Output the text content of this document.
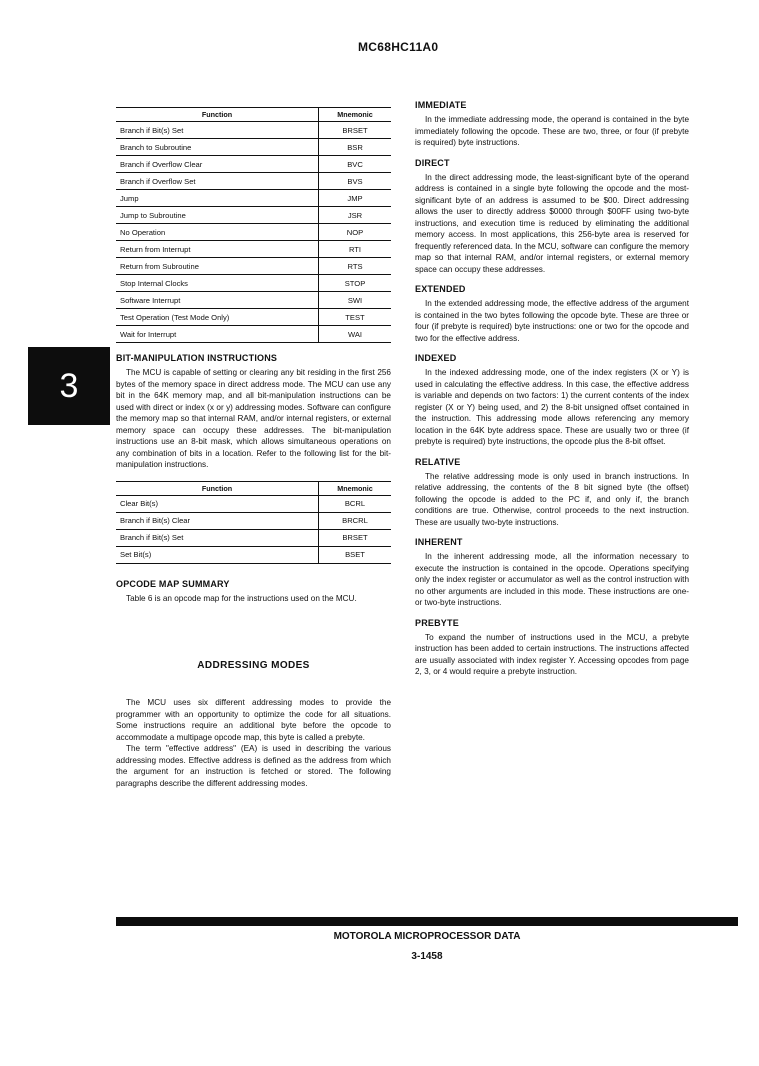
MC68HC11A0
3
Function	Mnemonic
Branch if Bit(s) Set	BRSET
Branch to Subroutine	BSR
Branch if Overflow Clear	BVC
Branch if Overflow Set	BVS
Jump	JMP
Jump to Subroutine	JSR
No Operation	NOP
Return from Interrupt	RTI
Return from Subroutine	RTS
Stop Internal Clocks	STOP
Software Interrupt	SWI
Test Operation (Test Mode Only)	TEST
Wait for Interrupt	WAI
BIT-MANIPULATION INSTRUCTIONS

The MCU is capable of setting or clearing any bit residing in the first 256 bytes of the memory space in direct address mode. The MCU can use any bit in the 64K memory map, and all bit-manipulation instructions can be used with direct or index (x or y) addressing modes. Software can configure the memory map so that internal RAM, and/or internal registers, or external memory space can occupy these addresses. The bit-manipulation instructions use an 8-bit mask, which allows simultaneous operations on any combination of bits in a location. Refer to the following list for the bit-manipulation instructions.

Function	Mnemonic
Clear Bit(s)	BCRL
Branch if Bit(s) Clear	BRCRL
Branch if Bit(s) Set	BRSET
Set Bit(s)	BSET
OPCODE MAP SUMMARY

Table 6 is an opcode map for the instructions used on the MCU.

ADDRESSING MODES

The MCU uses six different addressing modes to provide the programmer with an opportunity to optimize the code for all situations. Some instructions require an additional byte before the opcode to accommodate a multipage opcode map, this byte is called a prebyte.

The term "effective address" (EA) is used in describing the various addressing modes. Effective address is defined as the address from which the argument for an instruction is fetched or stored. The following paragraphs describe the different addressing modes.

IMMEDIATE

In the immediate addressing mode, the operand is contained in the byte immediately following the opcode. These are two, three, or four (if prebyte is required) byte instructions.

DIRECT

In the direct addressing mode, the least-significant byte of the operand address is contained in a single byte following the opcode and the most-significant byte of an address is assumed to be $00. Direct addressing allows the user to directly address $0000 through $00FF using two-byte instructions, and execution time is reduced by eliminating the additional memory access. In most applications, this 256-byte area is reserved for frequently referenced data. In the MCU, software can configure the memory map so that internal RAM, and/or internal registers, or external memory space can occupy these addresses.

EXTENDED

In the extended addressing mode, the effective address of the argument is contained in the two bytes following the opcode byte. These are three or four (if prebyte is required) byte instructions: one or two for the opcode and two for the effective address.

INDEXED

In the indexed addressing mode, one of the index registers (X or Y) is used in calculating the effective address. In this case, the effective address is variable and depends on two factors: 1) the current contents of the index register (X or Y) being used, and 2) the 8-bit unsigned offset contained in the instruction. This addressing mode allows referencing any memory location in the 64K byte address space. These are usually two or three (if prebyte is required) byte instructions, the opcode plus the 8-bit offset.

RELATIVE

The relative addressing mode is only used in branch instructions. In relative addressing, the contents of the 8 bit signed byte (the offset) following the opcode is added to the PC if, and only if, the branch conditions are true. Otherwise, control proceeds to the next instruction. These are usually two-byte instructions.

INHERENT

In the inherent addressing mode, all the information necessary to execute the instruction is contained in the opcode. Operations specifying only the index register or accumulator as well as the control instruction with no other arguments are included in this mode. These instructions are one- or two-byte instructions.

PREBYTE

To expand the number of instructions used in the MCU, a prebyte instruction has been added to certain instructions. The instructions affected are usually associated with index register Y. Accessing opcodes from page 2, 3, or 4 would require a prebyte instruction.

MOTOROLA MICROPROCESSOR DATA
3-1458
